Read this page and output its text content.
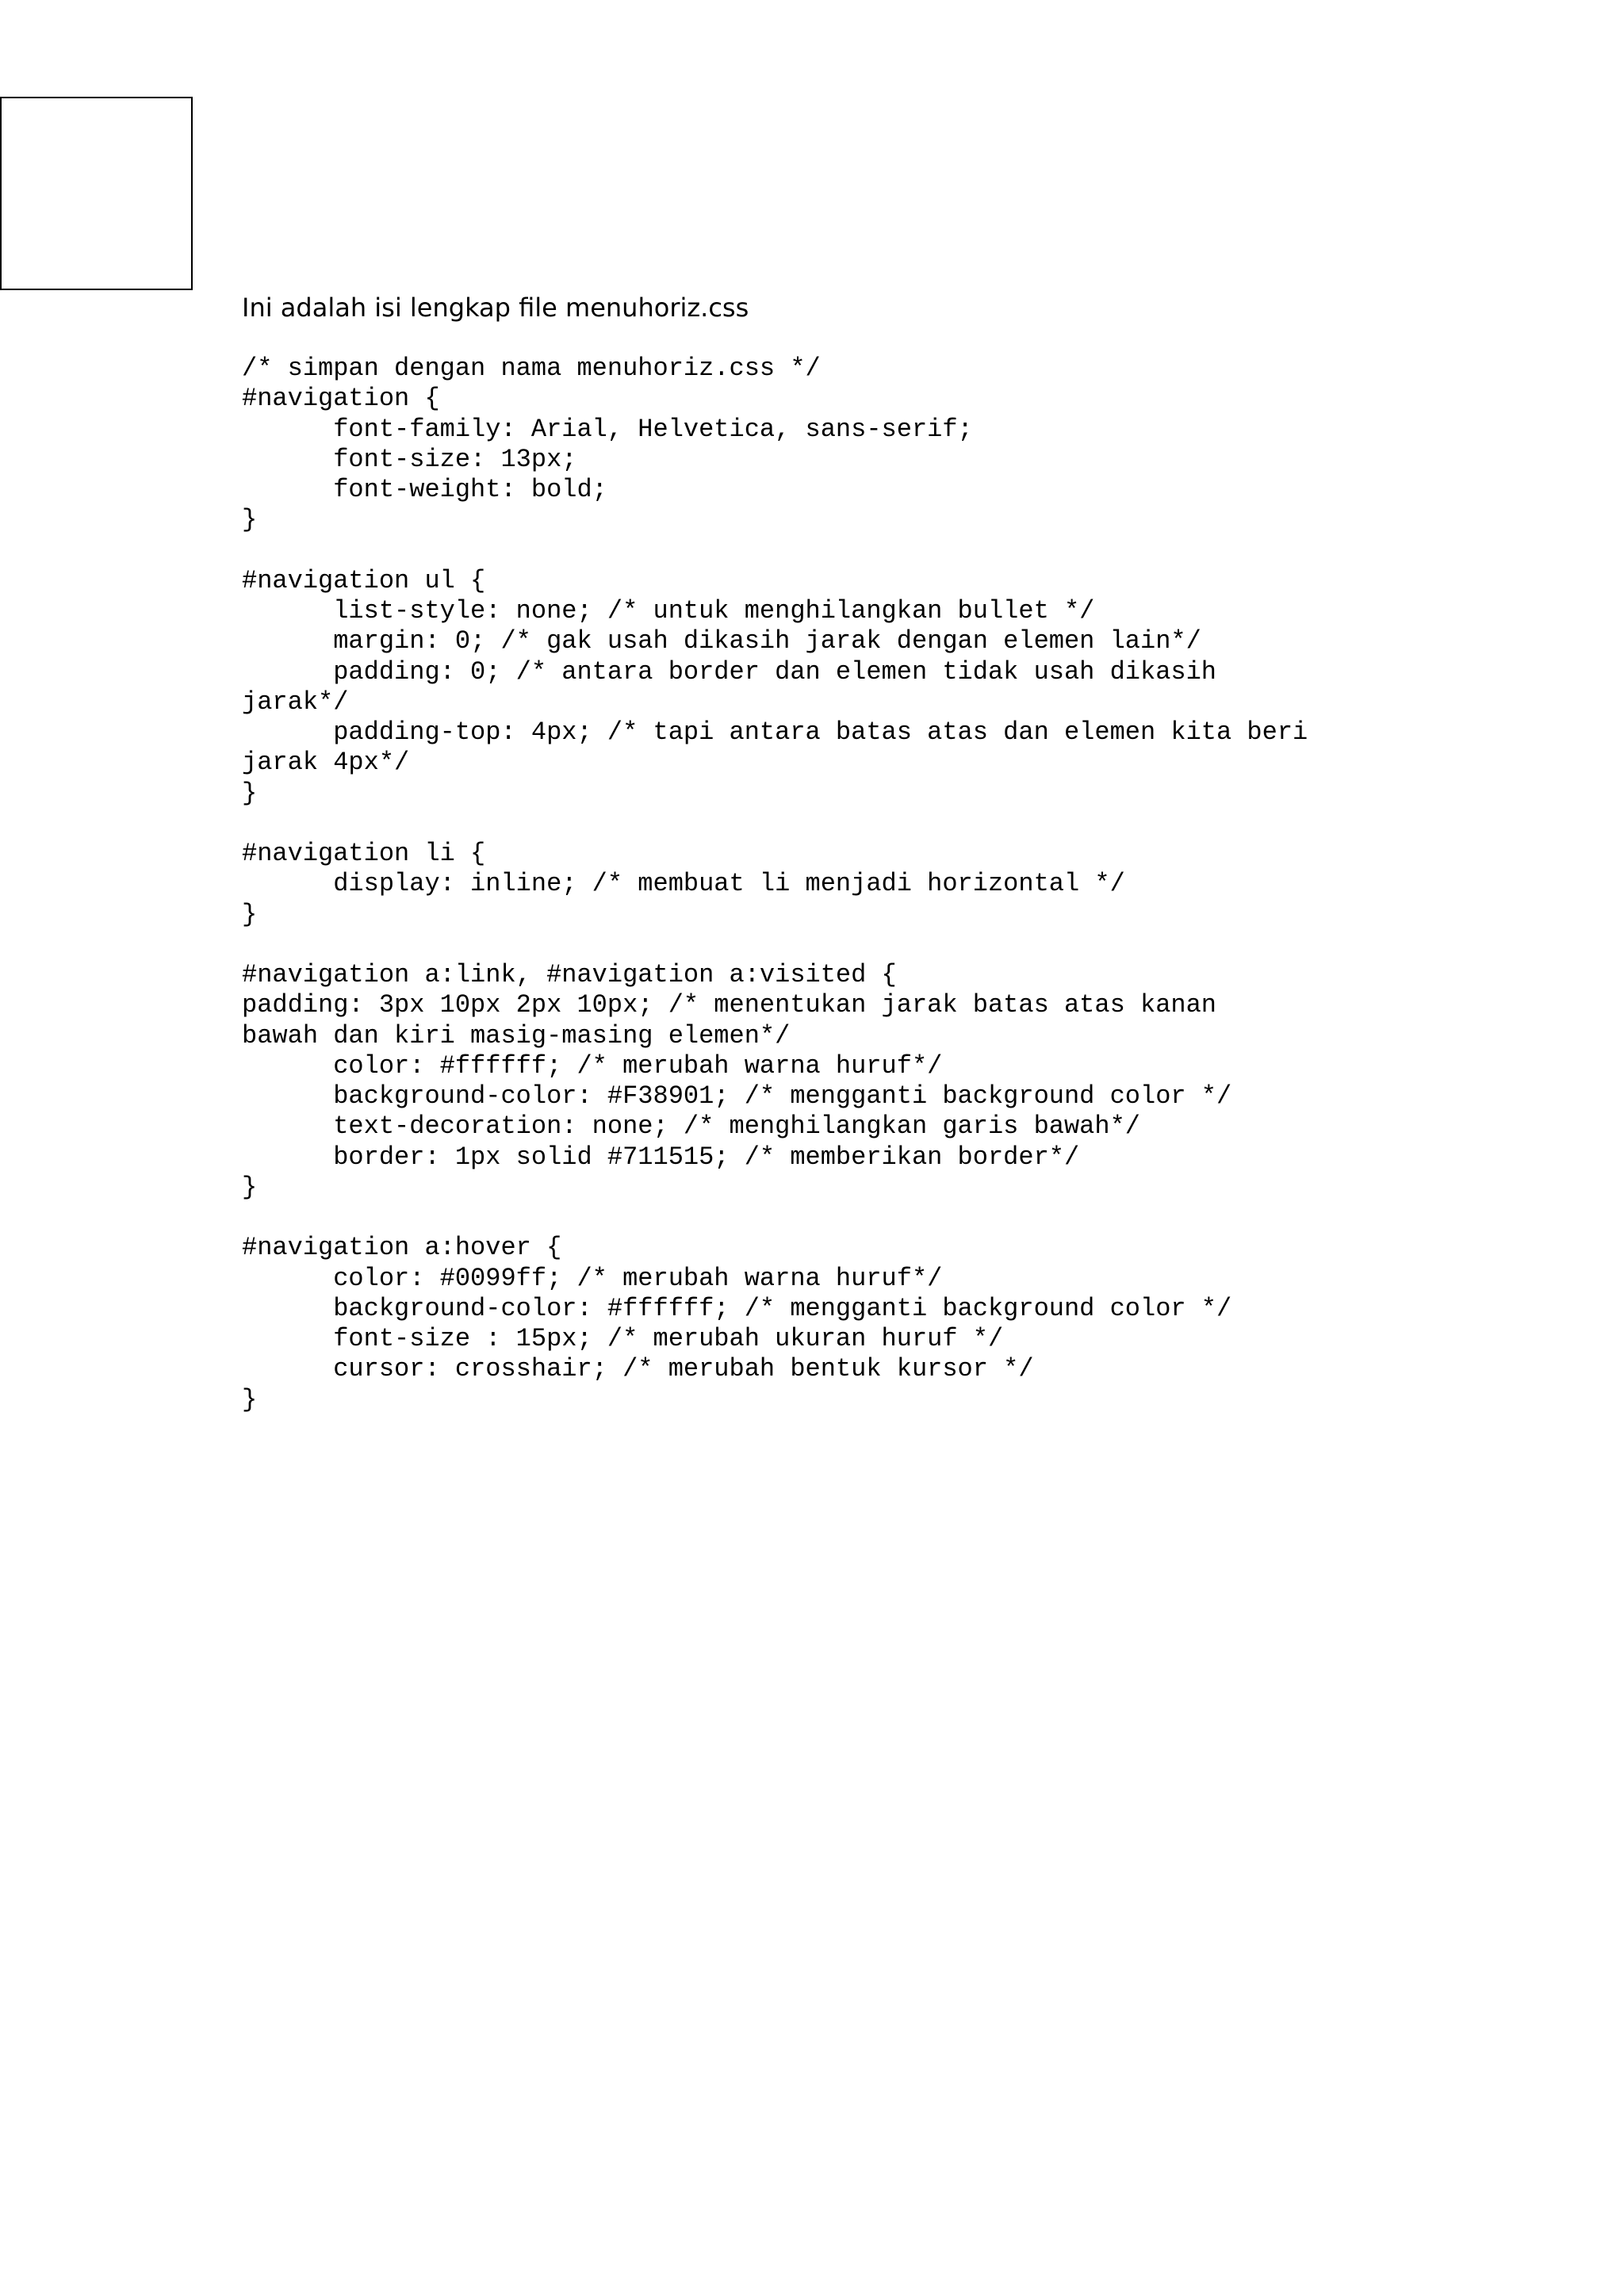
Ini adalah isi lengkap file menuhoriz.css
/* simpan dengan nama menuhoriz.css */
#navigation {
font-family: Arial, Helvetica, sans-serif;
font-size: 13px;
font-weight: bold;
}
#navigation ul {
list-style: none; /* untuk menghilangkan bullet */
margin: 0; /* gak usah dikasih jarak dengan elemen lain*/
padding: 0; /* antara border dan elemen tidak usah dikasih
jarak*/
padding-top: 4px; /* tapi antara batas atas dan elemen kita beri
jarak 4px*/
}
#navigation li {
display: inline; /* membuat li menjadi horizontal */
}
#navigation a:link, #navigation a:visited {
padding: 3px 10px 2px 10px; /* menentukan jarak batas atas kanan
bawah dan kiri masig-masing elemen*/
color: #ffffff; /* merubah warna huruf*/
background-color: #F38901; /* mengganti background color */
text-decoration: none; /* menghilangkan garis bawah*/
border: 1px solid #711515; /* memberikan border*/
}
#navigation a:hover {
color: #0099ff; /* merubah warna huruf*/
background-color: #ffffff; /* mengganti background color */
font-size : 15px; /* merubah ukuran huruf */
cursor: crosshair; /* merubah bentuk kursor */
}
